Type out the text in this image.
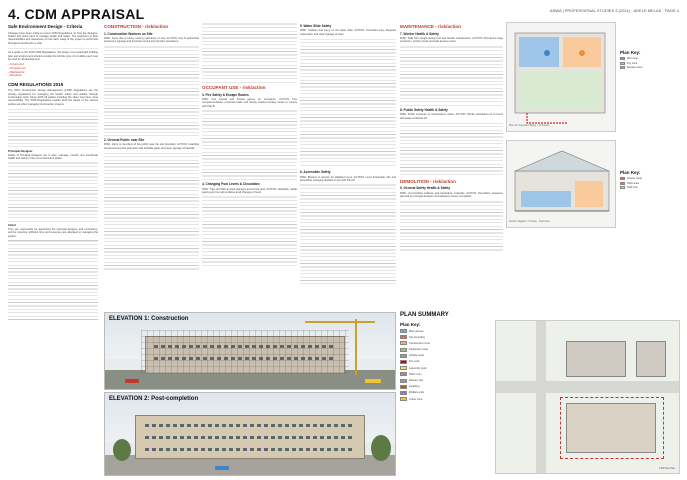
4. CDM APPRAISAL	ARWA | PROFESSIONAL STUDIES 3 (2021) · ADELE MELAS · PAGE 4
Safe Environment Design - Criteria

Changes have been made to recent CDM Regulations on how the designer, builder and client have to manage health and safety. The statement of their responsibilities and awareness of how each stage of the project is performed throughout its lifecycle is vital.

As a guide to the 2015 CDM Regulations, the design of a meaningful building plan and environment should consider the full life cycle of a building and must be used for all development.

- Construction
- Occupant use
- Maintenance
- Demolition
CDM REGULATIONS 2015

The 2015 Construction Design Management (CDM) Regulations are the primary regulations for managing the health, safety and welfare through construction work. Since 2015 all parties including the client now have more responsibility. The CDM Regulations explain what the duties of the various parties are when managing construction projects.

Principal Designer

Duties of Principal Designer are to plan, manage, monitor and coordinate health and safety in the pre-construction phase.

Client

They are responsible for appointing the principal designer and contractors, and for ensuring sufficient time and resources are allocated to managing the project.

CONSTRUCTION - risk/action
1. Construction Workers on Site

RISK: Injury due to heavy moving machinery on site. ACTION: Use of authorized personnel, signage and exclusion zones around plant operations.

2. General Public near Site

RISK: Injury to members of the public near the site boundary. ACTION: Hoarding erected around site perimeter with lockable gates and clear signage of hazards.

OCCUPANT USE - risk/action
3. Fire Safety & Escape Routes

RISK: Fire spread and limited egress for occupants. ACTION: Fire compartmentation, protected stairs and clearly marked escape routes to comply with Part B.

4. Changing Pool Levels & Circulation

RISK: Trips and falls at level changes around the pool. ACTION: Handrails, tactile paving and non-slip surfaces at all changes of level.

5. Water Slide Safety

RISK: Collision and injury on the water slide. ACTION: Controlled entry, lifeguard supervision and clear signage of rules.

6. Accessible Safety

RISK: Barriers to access for disabled users. ACTION: Level thresholds, lifts and accessible changing facilities in line with Part M.

MAINTENANCE - risk/action
7. Worker Health & Safety

RISK: Falls from height during roof and facade maintenance. ACTION: Permanent edge protection, anchor points and safe access routes.

8. Public Safety Health & Safety

RISK: Public exposure to maintenance works. ACTION: Works scheduled out of hours and areas cordoned off.

DEMOLITION - risk/action
9. General Safety Health & Safety

RISK: Uncontrolled collapse and hazardous materials. ACTION: Demolition sequence planned by principal designer and asbestos survey completed.

Plan 01: Occupant Safety + (3 Zones)
Plan Key:
Wet zone
Dry zone
Escape route
Section diagram: CT Zone · Pool Area
Plan Key:
Access route
Plant area
Staff only
ELEVATION 1: Construction
ELEVATION 2: Post-completion
PLAN SUMMARY
Plan Key:
Main access
Site boundary
Construction zone
Pedestrian route
Vehicle route
Fire exits
Assembly point
Plant room
Delivery bay
Hoarding
Welfare units
Crane zone
1:500 Site Plan
